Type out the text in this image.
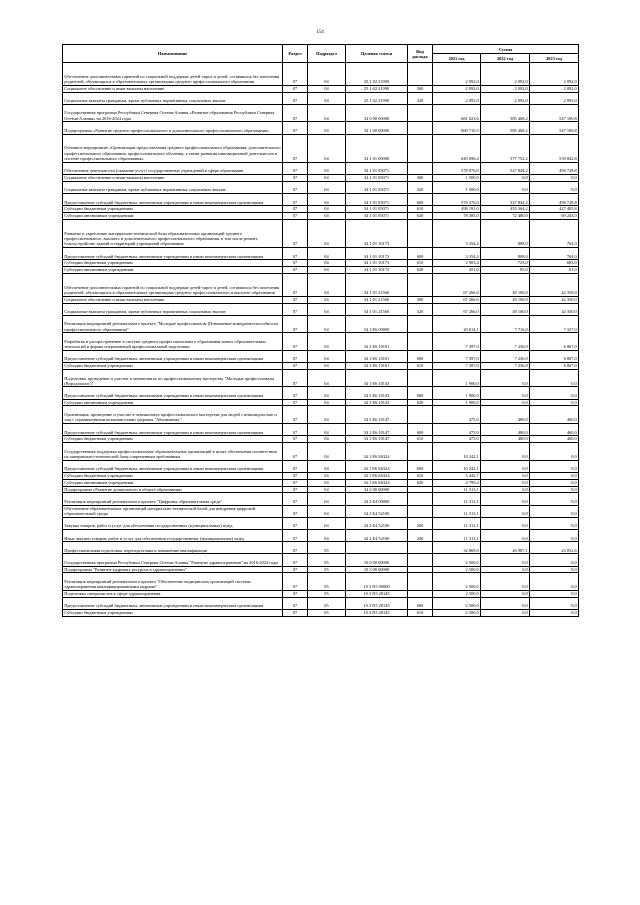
154
Наименование	Раздел	Подраздел	Целевая статья	Вид расхода	Сумма		
					2021 год	2022 год	2023 год
Обеспечение дополнительных гарантий по социальной поддержке детей-сирот и детей, оставшихся без попечения родителей, обучающихся в образовательных организациях среднего профессионального образования	07	04	25 1 02 21990		2 092,0	2 092,0	2 092,0
Социальное обеспечение и иные выплаты населению	07	04	25 1 02 21990	300	2 092,0	2 092,0	2 092,0
Социальные выплаты гражданам, кроме публичных нормативных социальных выплат	07	04	25 1 02 21990	320	2 092,0	2 092,0	2 092,0
Государственная программа Республики Северная Осетия-Алания «Развитие образования Республики Северная Осетия-Алания» на 2016-2024 годы	07	04	34 0 00 00000		681 023,6	585 468,2	547 169,8
Подпрограмма «Развитие среднего профессионального и дополнительного профессионального образования»	07	04	34 1 00 00000		669 710,5	585 468,2	547 169,8
Основное мероприятие «Организация предоставления среднего профессионального образования, дополнительного профессионального образования, профессионального обучения, а также развития инновационной деятельности в системе профессионального образования»	07	04	34 1 01 00000		649 696,4	577 752,2	539 842,8
Обеспечение деятельности (оказание услуг) государственных учреждений в сфере образования	07	04	34 1 01 05071		578 076,0	527 844,2	496 728,8
Социальное обеспечение и иные выплаты населению	07	04	34 1 01 05071	300	1 500,0	0,0	0,0
Социальные выплаты гражданам, кроме публичных нормативных социальных выплат	07	04	34 1 01 05071	320	1 500,0	0,0	0,0
Предоставление субсидий бюджетным, автономным учреждениям и иным некоммерческим организациям	07	04	34 1 01 05071	600	576 576,0	527 844,2	496 728,8
Субсидии бюджетным учреждениям	07	04	34 1 01 05071	610	498 191,0	455 364,2	427 485,8
Субсидии автономным учреждениям	07	04	34 1 01 05071	620	78 385,0	72 480,0	69 243,0
Развитие и укрепление материально-технической базы образовательных организаций среднего профессионального, высшего и дополнительного профессионального образования, в том числе ремонт, благоустройство зданий и территорий учреждений образования	07	04	34 1 01 10173		3 354,4	808,0	764,0
Предоставление субсидий бюджетным, автономным учреждениям и иным некоммерческим организациям	07	04	34 1 01 10173	600	3 354,4	808,0	764,0
Субсидии бюджетным учреждениям	07	04	34 1 01 10173	610	2 903,4	723,0	683,0
Субсидии автономным учреждениям	07	04	34 1 01 10173	620	451,0	85,0	81,0
Обеспечение дополнительных гарантий по социальной поддержке детей-сирот и детей, оставшихся без попечения родителей, обучающихся в образовательных организациях среднего профессионального и высшего образования	07	04	34 1 01 21560		67 266,0	49 100,0	42 350,0
Социальное обеспечение и иные выплаты населению	07	04	34 1 01 21560	300	67 266,0	49 100,0	42 350,0
Социальные выплаты гражданам, кроме публичных нормативных социальных выплат	07	04	34 1 01 21560	320	67 266,0	49 100,0	42 350,0
Реализация мероприятий регионального проекта "Молодые профессионалы (Повышение конкурентоспособности профессионального образования)"	07	04	34 1 E6 00000		20 014,1	7 716,0	7 327,0
Разработка и распространение в системе среднего профессионального образования новых образовательных технологий и формы опережающей профессиональной подготовки	07	04	34 1 E6 10101		7 397,0	7 236,0	6 867,0
Предоставление субсидий бюджетным, автономным учреждениям и иным некоммерческим организациям	07	04	34 1 E6 10101	600	7 397,0	7 236,0	6 867,0
Субсидии бюджетным учреждениям	07	04	34 1 E6 10101	610	7 397,0	7 236,0	6 867,0
Подготовка, проведение и участие в чемпионатах по профессиональному мастерству "Молодые профессионалы (Ворлдскиллс)"	07	04	34 1 E6 10143		1 900,0	0,0	0,0
Предоставление субсидий бюджетным, автономным учреждениям и иным некоммерческим организациям	07	04	34 1 E6 10143	600	1 900,0	0,0	0,0
Субсидии автономным учреждениям	07	04	34 1 E6 10143	620	1 900,0	0,0	0,0
Организация, проведение и участие в чемпионатах профессионального мастерства для людей с инвалидностью и лиц с ограниченными возможностями здоровья "Абилимпикс"	07	04	34 1 E6 10147		475,0	480,0	460,0
Предоставление субсидий бюджетным, автономным учреждениям и иным некоммерческим организациям	07	04	34 1 E6 10147	600	475,0	480,0	460,0
Субсидии бюджетным учреждениям	07	04	34 1 E6 10147	610	475,0	480,0	460,0
Государственная поддержка профессиональных образовательных организаций в целях обеспечения соответствия их материально-технической базы современным требованиям	07	04	34 1 E6 Б6324		10 242,1	0,0	0,0
Предоставление субсидий бюджетным, автономным учреждениям и иным некоммерческим организациям	07	04	34 1 E6 Б6324	600	10 242,1	0,0	0,0
Субсидии бюджетным учреждениям	07	04	34 1 E6 Б6324	610	5 442,7	0,0	0,0
Субсидии автономным учреждениям	07	04	34 1 E6 Б6324	620	4 799,4	0,0	0,0
Подпрограмма «Развитие дошкольного и общего образования»	07	04	34 2 00 00000		11 313,1	0,0	0,0
Реализация мероприятий регионального проекта "Цифровая образовательная среда"	07	04	34 2 E4 00000		11 313,1	0,0	0,0
Обеспечение образовательных организаций материально-технической базой для внедрения цифровой образовательной среды	07	04	34 2 E4 52100		11 313,1	0,0	0,0
Закупка товаров, работ и услуг для обеспечения государственных (муниципальных) нужд	07	04	34 2 E4 52100	200	11 313,1	0,0	0,0
Иные закупки товаров, работ и услуг для обеспечения государственных (муниципальных) нужд	07	04	34 2 E4 52100	240	11 313,1	0,0	0,0
Профессиональная подготовка, переподготовка и повышение квалификации	07	05			32 869,0	26 987,1	23 052,6
Государственная программа Республики Северная Осетия-Алания "Развитие здравоохранения" на 2016-2024 годы	07	05	10 0 00 00000		2 500,0	0,0	0,0
Подпрограмма "Развитие кадровых ресурсов в здравоохранении"	07	05	10 3 00 00000		2 500,0	0,0	0,0
Реализация мероприятий регионального проекта "Обеспечение медицинских организаций системы здравоохранения квалифицированными кадрами"	07	05	10 3 N5 00000		2 500,0	0,0	0,0
Подготовка специалистов в сфере здравоохранения	07	05	10 3 N5 28145		2 500,0	0,0	0,0
Предоставление субсидий бюджетным, автономным учреждениям и иным некоммерческим организациям	07	05	10 3 N5 28145	600	2 500,0	0,0	0,0
Субсидии бюджетным учреждениям	07	05	10 3 N5 28145	610	2 500,0	0,0	0,0
